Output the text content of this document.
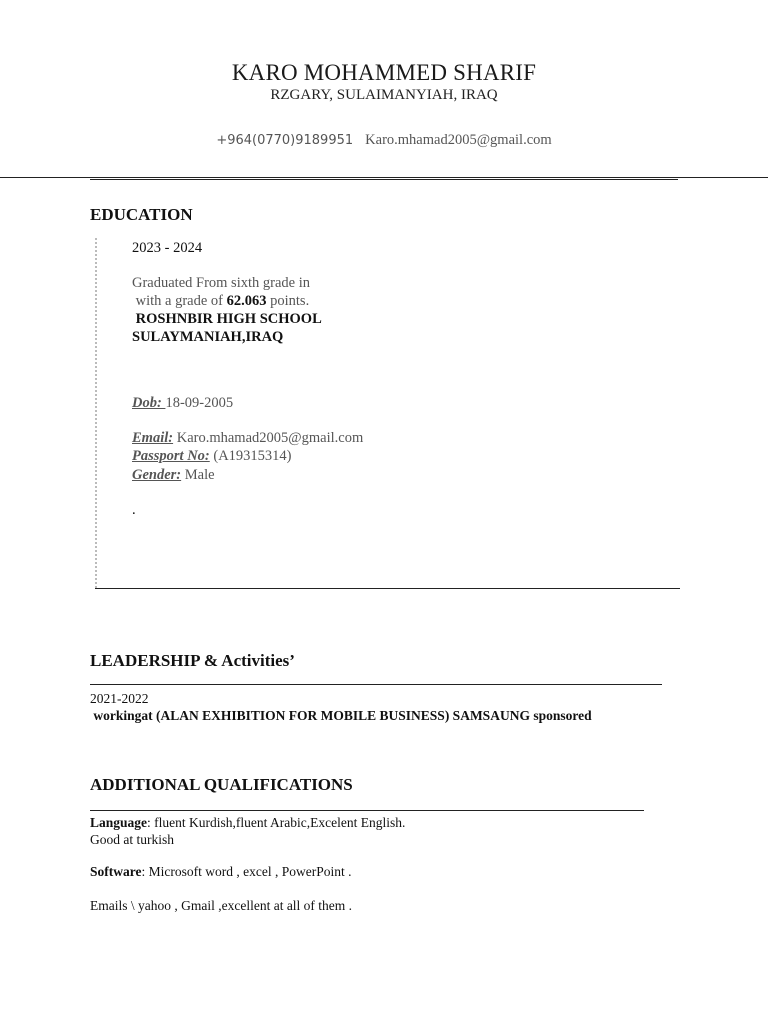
KARO MOHAMMED SHARIF
RZGARY, SULAIMANYIAH, IRAQ
+964(0770)9189951 Karo.mhamad2005@gmail.com
EDUCATION
2023 - 2024
Graduated From sixth grade in
with a grade of 62.063 points.
ROSHNBIR HIGH SCHOOL
SULAYMANIAH,IRAQ
Dob: 18-09-2005
Email: Karo.mhamad2005@gmail.com
Passport No: (A19315314)
Gender: Male
.
LEADERSHIP & Activities’
2021-2022
workingat (ALAN EXHIBITION FOR MOBILE BUSINESS) SAMSAUNG sponsored
ADDITIONAL QUALIFICATIONS
Language: fluent Kurdish,fluent Arabic,Excelent English.
Good at turkish
Software: Microsoft word , excel , PowerPoint .
Emails \ yahoo , Gmail ,excellent at all of them .
